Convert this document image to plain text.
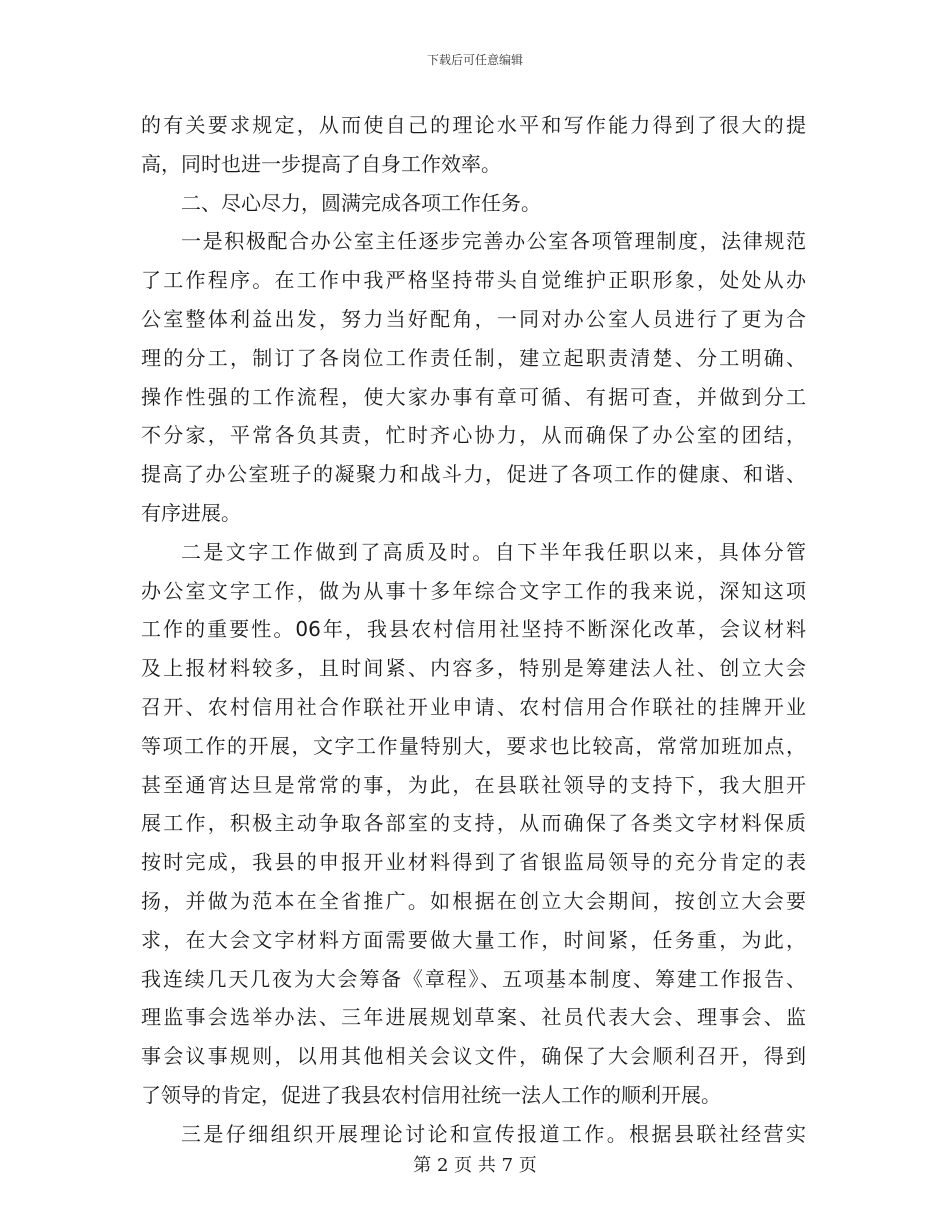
下载后可任意编辑
的有关要求规定，从而使自己的理论水平和写作能力得到了很大的提
高，同时也进一步提高了自身工作效率。
二、尽心尽力，圆满完成各项工作任务。
一是积极配合办公室主任逐步完善办公室各项管理制度，法律规范
了工作程序。在工作中我严格坚持带头自觉维护正职形象，处处从办
公室整体利益出发，努力当好配角，一同对办公室人员进行了更为合
理的分工，制订了各岗位工作责任制，建立起职责清楚、分工明确、
操作性强的工作流程，使大家办事有章可循、有据可查，并做到分工
不分家，平常各负其责，忙时齐心协力，从而确保了办公室的团结，
提高了办公室班子的凝聚力和战斗力，促进了各项工作的健康、和谐、
有序进展。
二是文字工作做到了高质及时。自下半年我任职以来，具体分管
办公室文字工作，做为从事十多年综合文字工作的我来说，深知这项
工作的重要性。06年，我县农村信用社坚持不断深化改革，会议材料
及上报材料较多，且时间紧、内容多，特别是筹建法人社、创立大会
召开、农村信用社合作联社开业申请、农村信用合作联社的挂牌开业
等项工作的开展，文字工作量特别大，要求也比较高，常常加班加点，
甚至通宵达旦是常常的事，为此，在县联社领导的支持下，我大胆开
展工作，积极主动争取各部室的支持，从而确保了各类文字材料保质
按时完成，我县的申报开业材料得到了省银监局领导的充分肯定的表
扬，并做为范本在全省推广。如根据在创立大会期间，按创立大会要
求，在大会文字材料方面需要做大量工作，时间紧，任务重，为此，
我连续几天几夜为大会筹备《章程》、五项基本制度、筹建工作报告、
理监事会选举办法、三年进展规划草案、社员代表大会、理事会、监
事会议事规则，以用其他相关会议文件，确保了大会顺利召开，得到
了领导的肯定，促进了我县农村信用社统一法人工作的顺利开展。
三是仔细组织开展理论讨论和宣传报道工作。根据县联社经营实
第 2 页 共 7 页
